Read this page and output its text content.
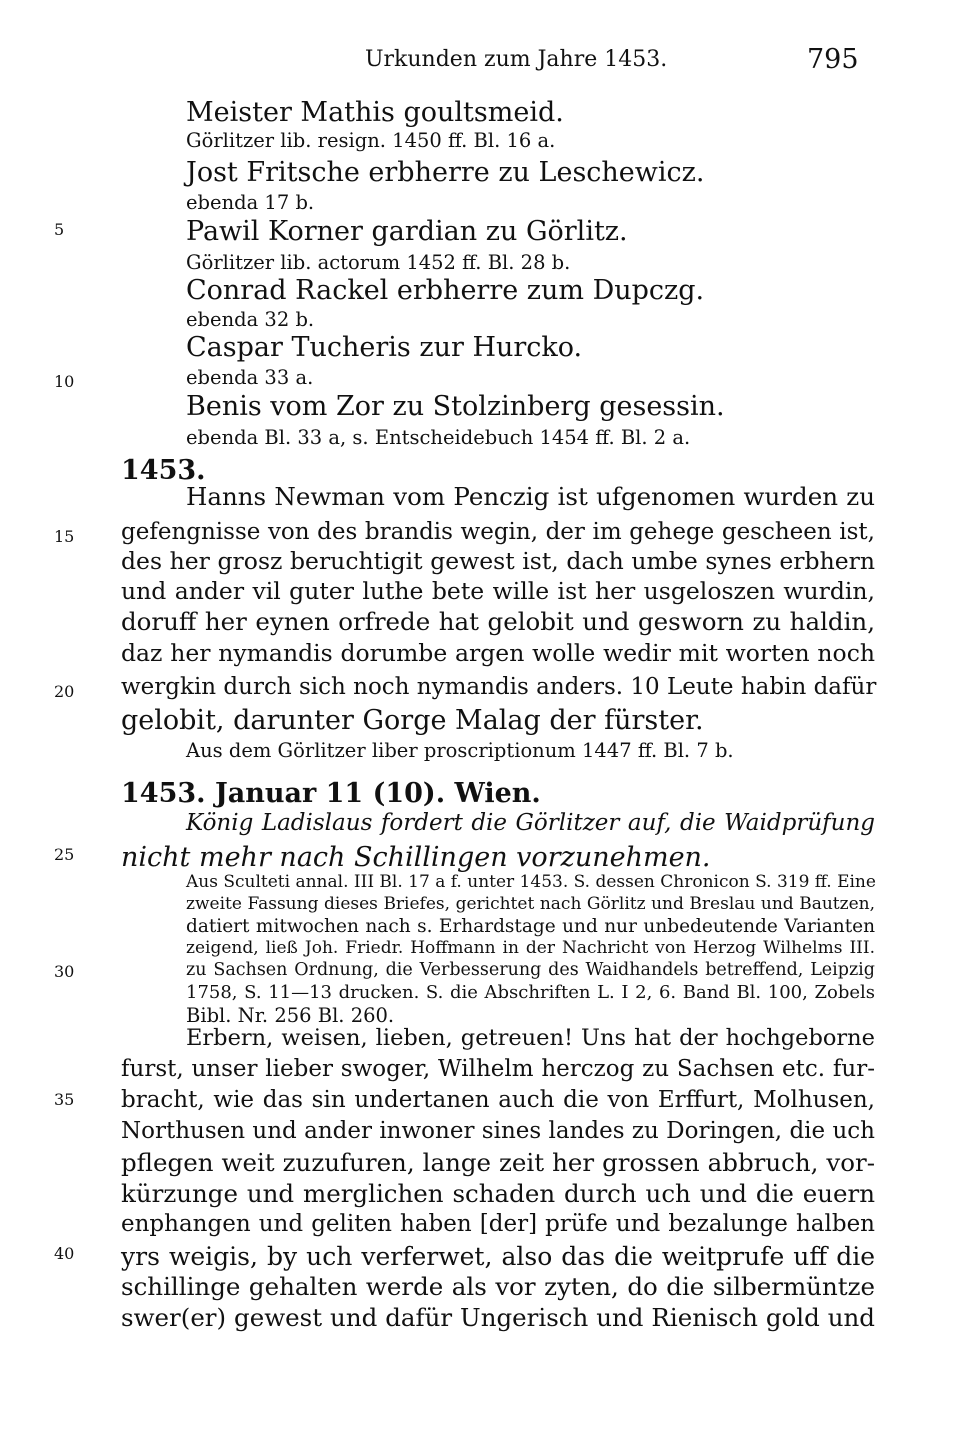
Urkunden zum Jahre 1453.	795
5
10
15
20
25
30
35
40
Meister Mathis goultsmeid.
Görlitzer lib. resign. 1450 ff. Bl. 16 a.
Jost Fritsche erbherre zu Leschewicz.
ebenda 17 b.
Pawil Korner gardian zu Görlitz.
Görlitzer lib. actorum 1452 ff. Bl. 28 b.
Conrad Rackel erbherre zum Dupczg.
ebenda 32 b.
Caspar Tucheris zur Hurcko.
ebenda 33 a.
Benis vom Zor zu Stolzinberg gesessin.
ebenda Bl. 33 a, s. Entscheidebuch 1454 ff. Bl. 2 a.
1453.
Hanns Newman vom Penczig ist ufgenomen wurden zu
gefengnisse von des brandis wegin, der im gehege gescheen ist,
des her grosz beruchtigit gewest ist, dach umbe synes erbhern
und ander vil guter luthe bete wille ist her usgeloszen wurdin,
doruff her eynen orfrede hat gelobit und gesworn zu haldin,
daz her nymandis dorumbe argen wolle wedir mit worten noch
wergkin durch sich noch nymandis anders. 10 Leute habin dafür
gelobit, darunter Gorge Malag der fürster.
Aus dem Görlitzer liber proscriptionum 1447 ff. Bl. 7 b.
1453. Januar 11 (10). Wien.
König Ladislaus fordert die Görlitzer auf, die Waidprüfung
nicht mehr nach Schillingen vorzunehmen.
Aus Sculteti annal. III Bl. 17 a f. unter 1453. S. dessen Chronicon S. 319 ff. Eine
zweite Fassung dieses Briefes, gerichtet nach Görlitz und Breslau und Bautzen,
datiert mitwochen nach s. Erhardstage und nur unbedeutende Varianten
zeigend, ließ Joh. Friedr. Hoffmann in der Nachricht von Herzog Wilhelms III.
zu Sachsen Ordnung, die Verbesserung des Waidhandels betreffend, Leipzig
1758, S. 11—13 drucken. S. die Abschriften L. I 2, 6. Band Bl. 100, Zobels
Bibl. Nr. 256 Bl. 260.
Erbern, weisen, lieben, getreuen! Uns hat der hochgeborne
furst, unser lieber swoger, Wilhelm herczog zu Sachsen etc. fur-
bracht, wie das sin undertanen auch die von Erffurt, Molhusen,
Northusen und ander inwoner sines landes zu Doringen, die uch
pflegen weit zuzufuren, lange zeit her grossen abbruch, vor-
kürzunge und merglichen schaden durch uch und die euern
enphangen und geliten haben [der] prüfe und bezalunge halben
yrs weigis, by uch verferwet, also das die weitprufe uff die
schillinge gehalten werde als vor zyten, do die silbermüntze
swer(er) gewest und dafür Ungerisch und Rienisch gold und
